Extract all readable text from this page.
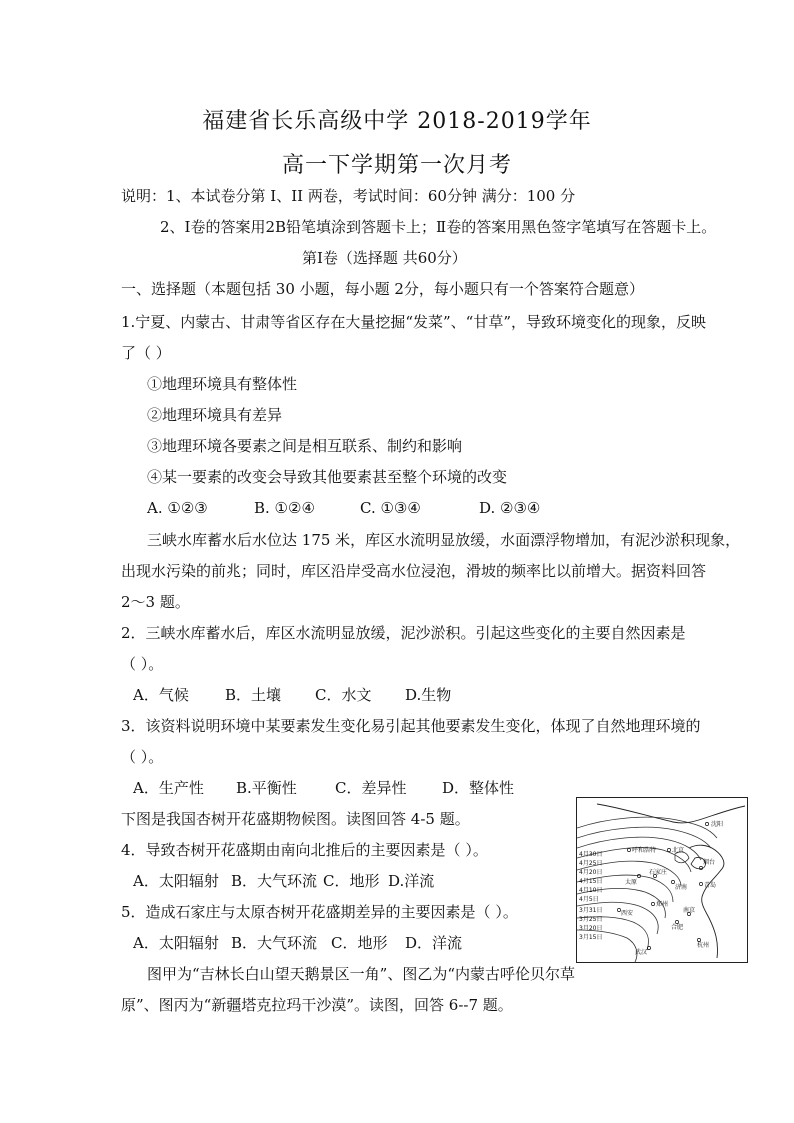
福建省长乐高级中学 2018-2019学年
高一下学期第一次月考
说明：1、本试卷分第 I、II 两卷，考试时间：60分钟 满分：100 分
2、Ⅰ卷的答案用2B铅笔填涂到答题卡上；Ⅱ卷的答案用黑色签字笔填写在答题卡上。
第Ⅰ卷（选择题 共60分）
一、选择题（本题包括 30 小题，每小题 2分，每小题只有一个答案符合题意）
1.宁夏、内蒙古、甘肃等省区存在大量挖掘“发菜”、“甘草”，导致环境变化的现象，反映
了（ ）
①地理环境具有整体性
②地理环境具有差异
③地理环境各要素之间是相互联系、制约和影响
④某一要素的改变会导致其他要素甚至整个环境的改变
A. ①②③	B. ①②④	C. ①③④	D. ②③④
三峡水库蓄水后水位达 175 米，库区水流明显放缓，水面漂浮物增加，有泥沙淤积现象，
出现水污染的前兆；同时，库区沿岸受高水位浸泡，滑坡的频率比以前增大。据资料回答
2～3 题。
2．三峡水库蓄水后，库区水流明显放缓，泥沙淤积。引起这些变化的主要自然因素是
（ ）。
A．气候 B．土壤 C．水文 D.生物
3．该资料说明环境中某要素发生变化易引起其他要素发生变化，体现了自然地理环境的
（ ）。
A．生产性 B.平衡性	C．差异性 D．整体性
下图是我国杏树开花盛期物候图。读图回答 4-5 题。
4．导致杏树开花盛期由南向北推后的主要因素是（ ）。
A．太阳辐射 B．大气环流 C．地形 D.洋流
5．造成石家庄与太原杏树开花盛期差异的主要因素是（ ）。
A．太阳辐射 B．大气环流 C．地形 D．洋流
图甲为“吉林长白山望天鹅景区一角”、图乙为“内蒙古呼伦贝尔草
原”、图丙为“新疆塔克拉玛干沙漠”。读图，回答 6--7 题。
4月30日
4月25日
4月20日
4月15日
4月10日
4月5日
3月31日
3月25日
3月20日
3月15日
沈阳
呼和浩特	北京
烟台
太原
石家庄
济南	青岛
西安
郑州
南京
合肥
杭州
武汉
